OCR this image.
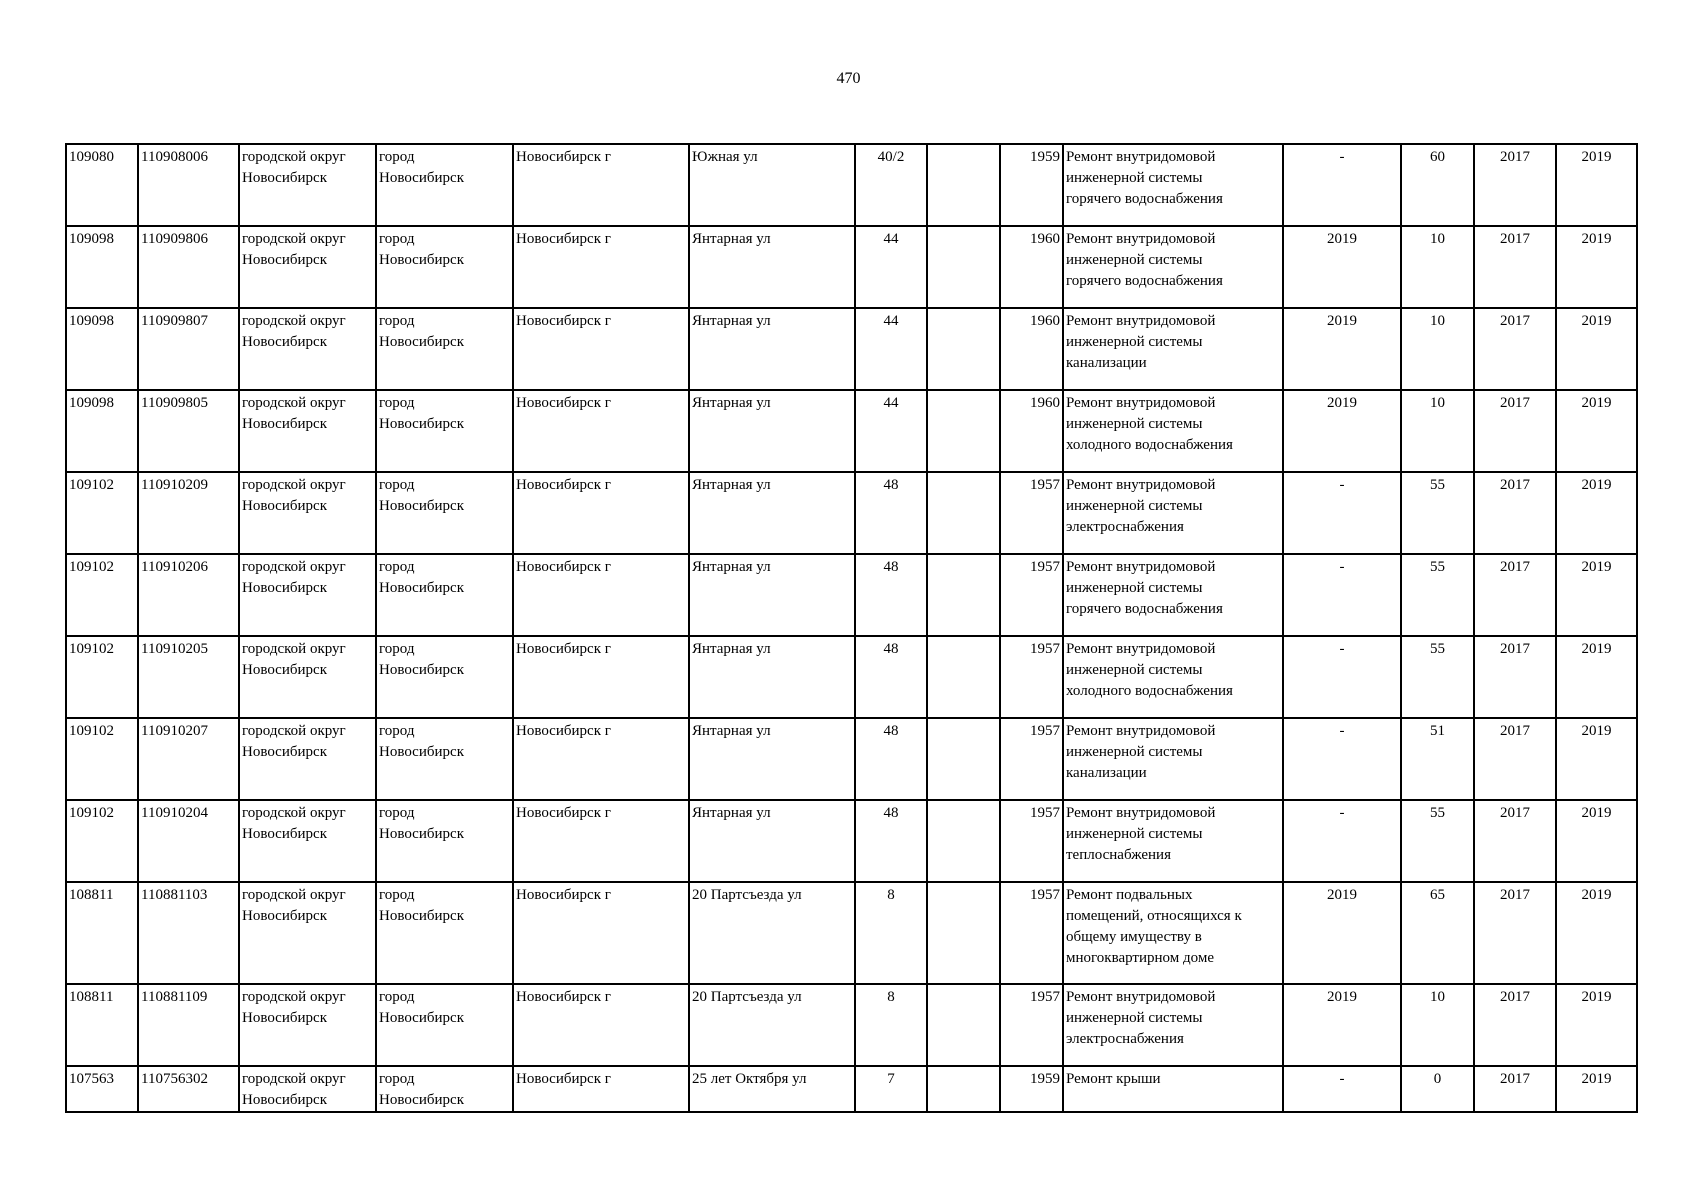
470
109080	110908006	городской округ
Новосибирск	город
Новосибирск	Новосибирск г	Южная ул	40/2		1959	Ремонт внутридомовой
инженерной системы
горячего водоснабжения	-	60	2017	2019
109098	110909806	городской округ
Новосибирск	город
Новосибирск	Новосибирск г	Янтарная ул	44		1960	Ремонт внутридомовой
инженерной системы
горячего водоснабжения	2019	10	2017	2019
109098	110909807	городской округ
Новосибирск	город
Новосибирск	Новосибирск г	Янтарная ул	44		1960	Ремонт внутридомовой
инженерной системы
канализации	2019	10	2017	2019
109098	110909805	городской округ
Новосибирск	город
Новосибирск	Новосибирск г	Янтарная ул	44		1960	Ремонт внутридомовой
инженерной системы
холодного водоснабжения	2019	10	2017	2019
109102	110910209	городской округ
Новосибирск	город
Новосибирск	Новосибирск г	Янтарная ул	48		1957	Ремонт внутридомовой
инженерной системы
электроснабжения	-	55	2017	2019
109102	110910206	городской округ
Новосибирск	город
Новосибирск	Новосибирск г	Янтарная ул	48		1957	Ремонт внутридомовой
инженерной системы
горячего водоснабжения	-	55	2017	2019
109102	110910205	городской округ
Новосибирск	город
Новосибирск	Новосибирск г	Янтарная ул	48		1957	Ремонт внутридомовой
инженерной системы
холодного водоснабжения	-	55	2017	2019
109102	110910207	городской округ
Новосибирск	город
Новосибирск	Новосибирск г	Янтарная ул	48		1957	Ремонт внутридомовой
инженерной системы
канализации	-	51	2017	2019
109102	110910204	городской округ
Новосибирск	город
Новосибирск	Новосибирск г	Янтарная ул	48		1957	Ремонт внутридомовой
инженерной системы
теплоснабжения	-	55	2017	2019
108811	110881103	городской округ
Новосибирск	город
Новосибирск	Новосибирск г	20 Партсъезда ул	8		1957	Ремонт подвальных
помещений, относящихся к
общему имуществу в
многоквартирном доме	2019	65	2017	2019
108811	110881109	городской округ
Новосибирск	город
Новосибирск	Новосибирск г	20 Партсъезда ул	8		1957	Ремонт внутридомовой
инженерной системы
электроснабжения	2019	10	2017	2019
107563	110756302	городской округ
Новосибирск	город
Новосибирск	Новосибирск г	25 лет Октября ул	7		1959	Ремонт крыши	-	0	2017	2019
